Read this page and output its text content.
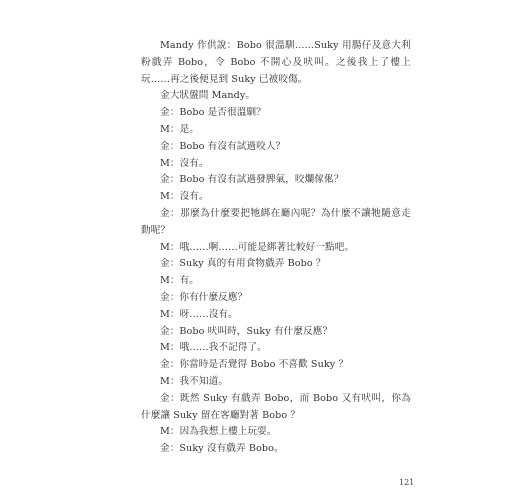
Mandy 作供說：Bobo 很溫馴……Suky 用腸仔及意大利粉戲弄 Bobo，令 Bobo 不開心及吠叫。之後我上了樓上玩……再之後便見到 Suky 已被咬傷。

金大狀盤問 Mandy。

金：Bobo 是否很溫馴？

M：是。

金：Bobo 有沒有試過咬人？

M：沒有。

金：Bobo 有沒有試過發脾氣，咬爛傢俬？

M：沒有。

金：那麼為什麼要把牠綁在廳內呢？為什麼不讓牠隨意走動呢？

M：哦……啊……可能是綁著比較好一點吧。

金：Suky 真的有用食物戲弄 Bobo ？

M：有。

金：你有什麼反應？

M：呀……沒有。

金：Bobo 吠叫時，Suky 有什麼反應？

M：哦……我不記得了。

金：你當時是否覺得 Bobo 不喜歡 Suky ？

M：我不知道。

金：既然 Suky 有戲弄 Bobo，而 Bobo 又有吠叫，你為什麼讓 Suky 留在客廳對著 Bobo ？

M：因為我想上樓上玩耍。

金：Suky 沒有戲弄 Bobo。

121
